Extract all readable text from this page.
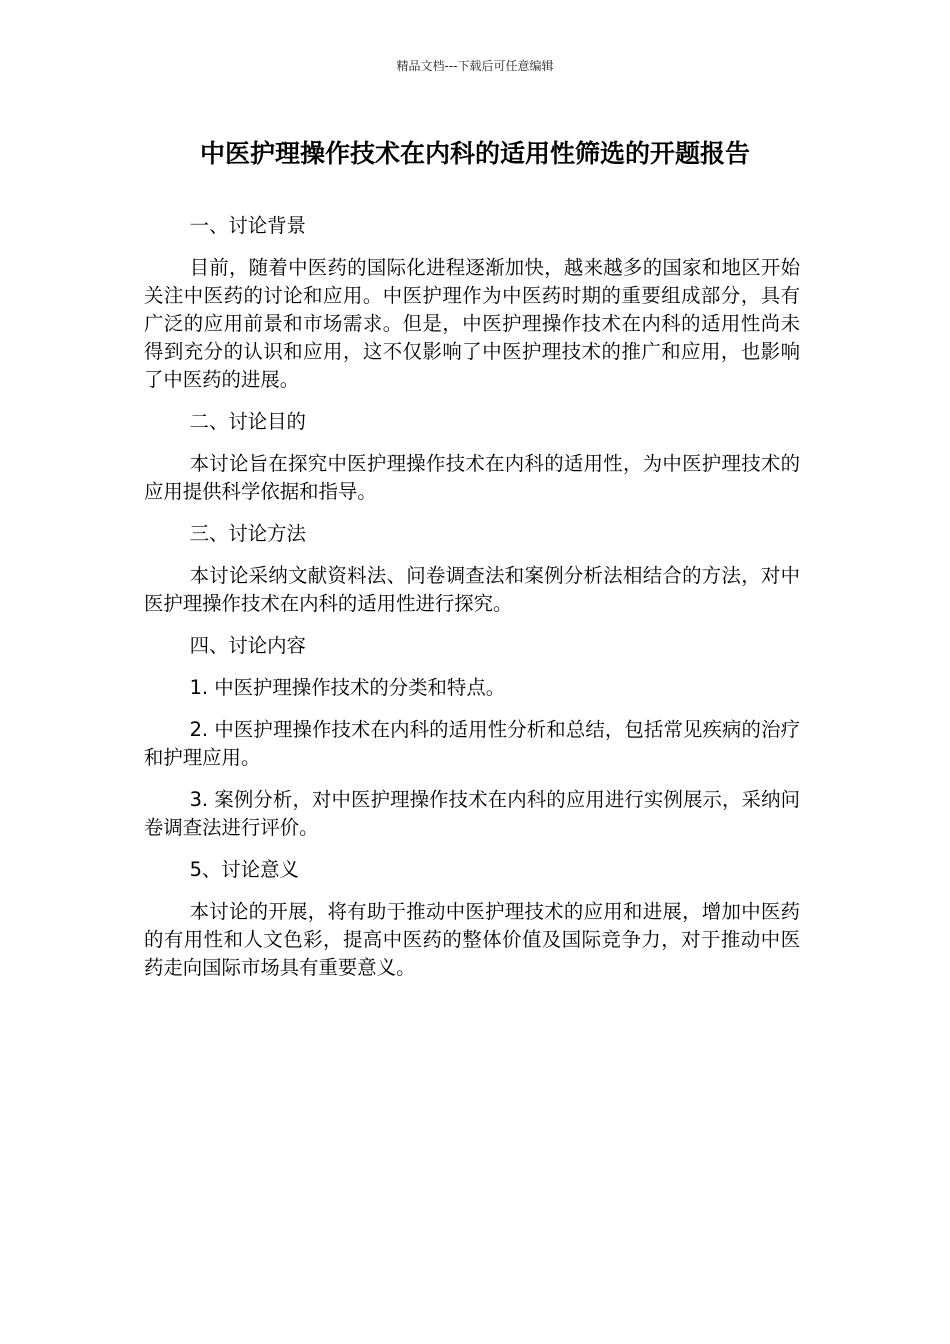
精品文档---下载后可任意编辑
中医护理操作技术在内科的适用性筛选的开题报告

一、讨论背景

目前，随着中医药的国际化进程逐渐加快，越来越多的国家和地区开始关注中医药的讨论和应用。中医护理作为中医药时期的重要组成部分，具有广泛的应用前景和市场需求。但是，中医护理操作技术在内科的适用性尚未得到充分的认识和应用，这不仅影响了中医护理技术的推广和应用，也影响了中医药的进展。

二、讨论目的

本讨论旨在探究中医护理操作技术在内科的适用性，为中医护理技术的应用提供科学依据和指导。

三、讨论方法

本讨论采纳文献资料法、问卷调查法和案例分析法相结合的方法，对中医护理操作技术在内科的适用性进行探究。

四、讨论内容

1. 中医护理操作技术的分类和特点。

2. 中医护理操作技术在内科的适用性分析和总结，包括常见疾病的治疗和护理应用。

3. 案例分析，对中医护理操作技术在内科的应用进行实例展示，采纳问卷调查法进行评价。

5、讨论意义

本讨论的开展，将有助于推动中医护理技术的应用和进展，增加中医药的有用性和人文色彩，提高中医药的整体价值及国际竞争力，对于推动中医药走向国际市场具有重要意义。
